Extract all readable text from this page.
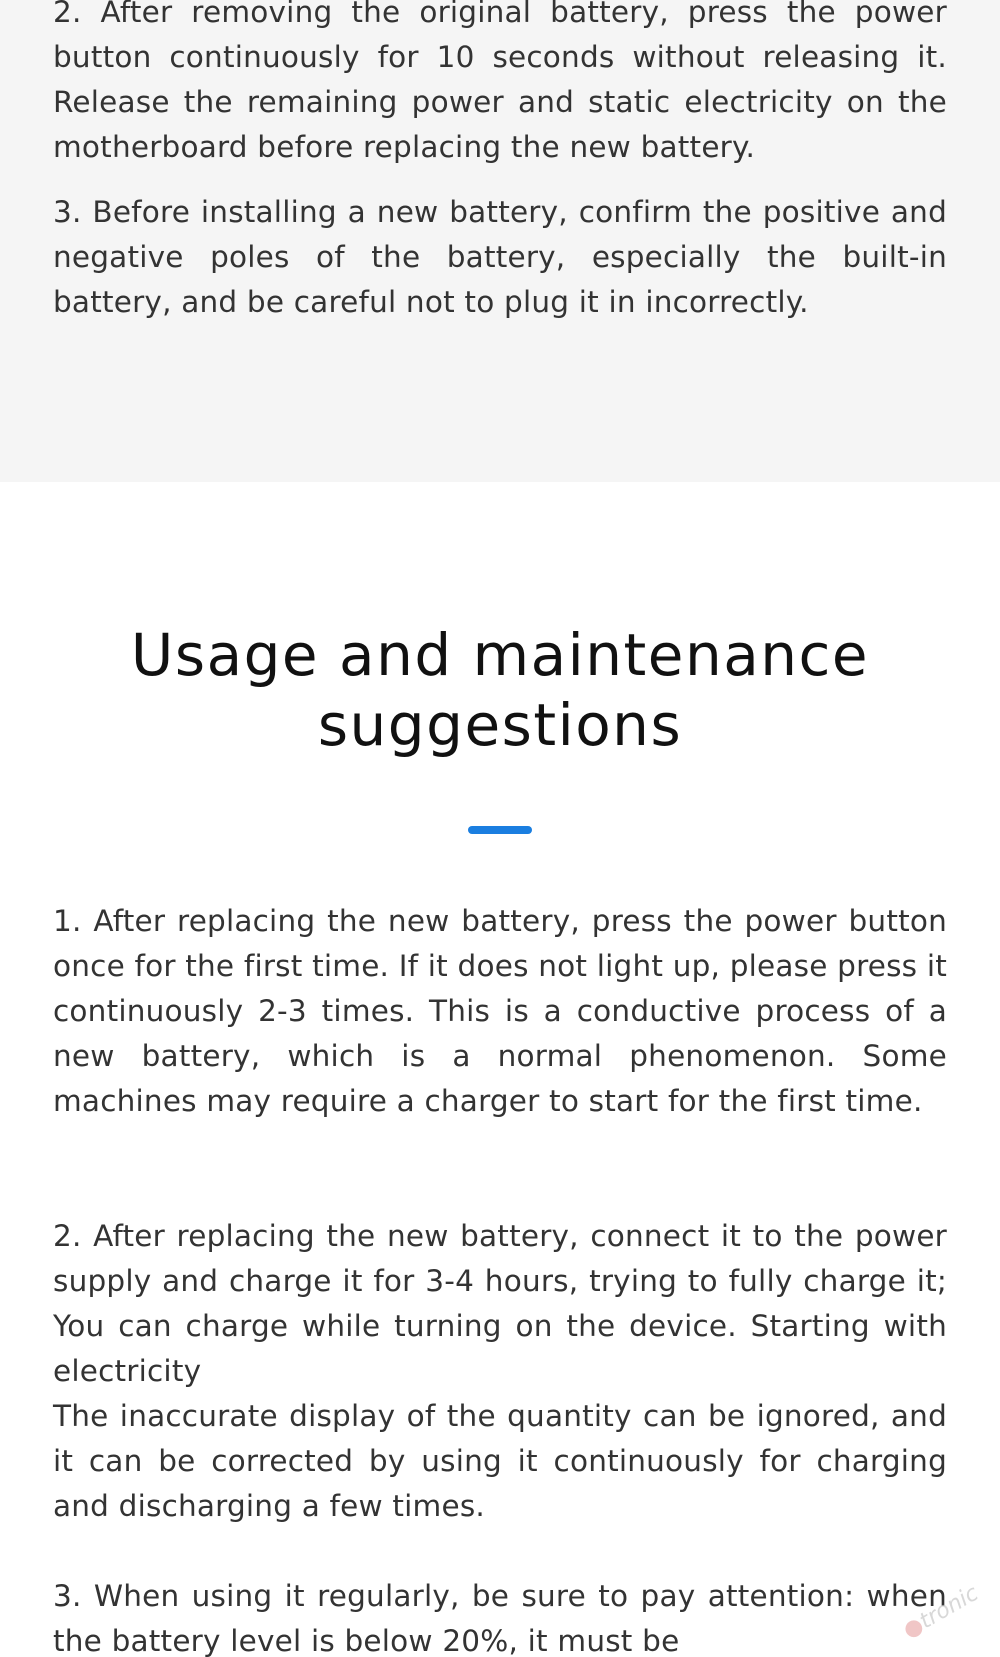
2. After removing the original battery, press the power button continuously for 10 seconds without releasing it. Release the remaining power and static electricity on the motherboard before replacing the new battery.

3. Before installing a new battery, confirm the positive and negative poles of the battery, especially the built-in battery, and be careful not to plug it in incorrectly.

Usage and maintenance suggestions

1. After replacing the new battery, press the power button once for the first time. If it does not light up, please press it continuously 2-3 times. This is a conductive process of a new battery, which is a normal phenomenon. Some machines may require a charger to start for the first time.

2. After replacing the new battery, connect it to the power supply and charge it for 3-4 hours, trying to fully charge it; You can charge while turning on the device. Starting with electricity

The inaccurate display of the quantity can be ignored, and it can be corrected by using it continuously for charging and discharging a few times.

3. When using it regularly, be sure to pay attention: when the battery level is below 20%, it must be	●tronic
